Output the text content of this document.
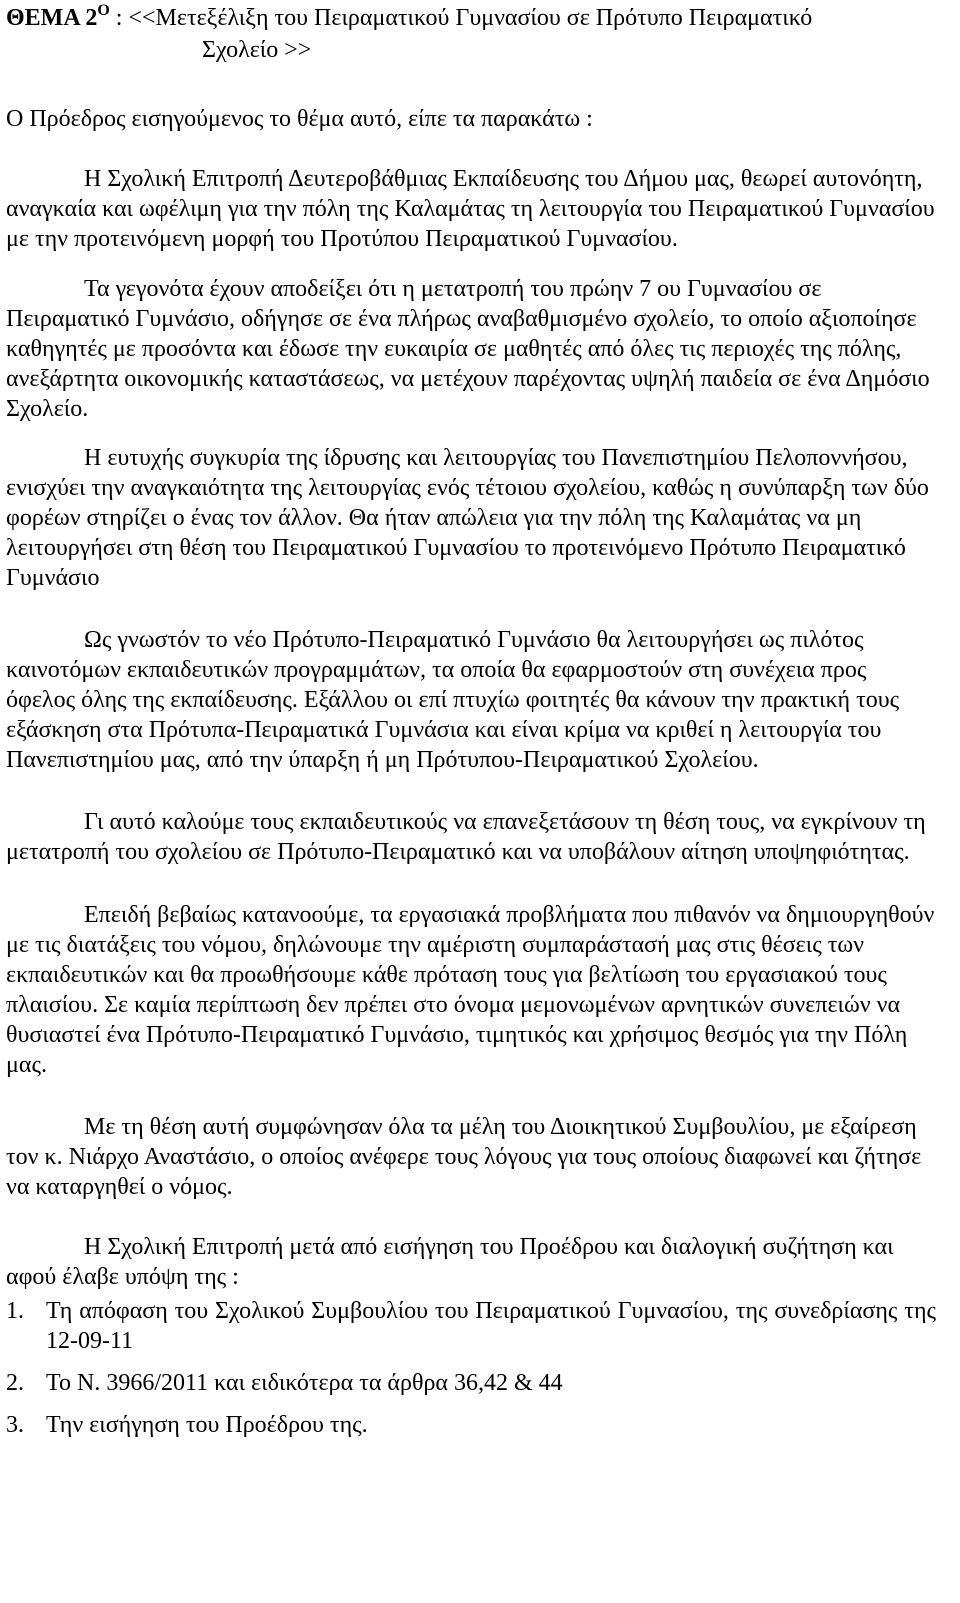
ΘΕΜΑ $2^O$ : <<Μετεξέλιξη του Πειραματικού Γυμνασίου σε Πρότυπο Πειραματικό
Σχολείο >>

Ο Πρόεδρος εισηγούμενος το θέμα αυτό, είπε τα παρακάτω :

Η Σχολική Επιτροπή Δευτεροβάθμιας Εκπαίδευσης του Δήμου μας, θεωρεί αυτονόητη, αναγκαία και ωφέλιμη για την πόλη της Καλαμάτας τη λειτουργία του Πειραματικού Γυμνασίου με την προτεινόμενη μορφή του Προτύπου Πειραματικού Γυμνασίου.

Τα γεγονότα έχουν αποδείξει ότι η μετατροπή του πρώην 7 ου Γυμνασίου σε Πειραματικό Γυμνάσιο, οδήγησε σε ένα πλήρως αναβαθμισμένο σχολείο, το οποίο αξιοποίησε καθηγητές με προσόντα και έδωσε την ευκαιρία σε μαθητές από όλες τις περιοχές της πόλης, ανεξάρτητα οικονομικής καταστάσεως, να μετέχουν παρέχοντας υψηλή παιδεία σε ένα Δημόσιο Σχολείο.

Η ευτυχής συγκυρία της ίδρυσης και λειτουργίας του Πανεπιστημίου Πελοποννήσου, ενισχύει την αναγκαιότητα της λειτουργίας ενός τέτοιου σχολείου, καθώς η συνύπαρξη των δύο φορέων στηρίζει ο ένας τον άλλον. Θα ήταν απώλεια για την πόλη της Καλαμάτας να μη λειτουργήσει στη θέση του Πειραματικού Γυμνασίου το προτεινόμενο Πρότυπο Πειραματικό Γυμνάσιο

Ως γνωστόν το νέο Πρότυπο-Πειραματικό Γυμνάσιο θα λειτουργήσει ως πιλότος καινοτόμων εκπαιδευτικών προγραμμάτων, τα οποία θα εφαρμοστούν στη συνέχεια προς όφελος όλης της εκπαίδευσης. Εξάλλου οι επί πτυχίω φοιτητές θα κάνουν την πρακτική τους εξάσκηση στα Πρότυπα-Πειραματικά Γυμνάσια και είναι κρίμα να κριθεί η λειτουργία του Πανεπιστημίου μας, από την ύπαρξη ή μη Πρότυπου-Πειραματικού Σχολείου.

Γι αυτό καλούμε τους εκπαιδευτικούς να επανεξετάσουν τη θέση τους, να εγκρίνουν τη μετατροπή του σχολείου σε Πρότυπο-Πειραματικό και να υποβάλουν αίτηση υποψηφιότητας.

Επειδή βεβαίως κατανοούμε, τα εργασιακά προβλήματα που πιθανόν να δημιουργηθούν με τις διατάξεις του νόμου, δηλώνουμε την αμέριστη συμπαράστασή μας στις θέσεις των εκπαιδευτικών και θα προωθήσουμε κάθε πρόταση τους για βελτίωση του εργασιακού τους πλαισίου. Σε καμία περίπτωση δεν πρέπει στο όνομα μεμονωμένων αρνητικών συνεπειών να θυσιαστεί ένα Πρότυπο-Πειραματικό Γυμνάσιο, τιμητικός και χρήσιμος θεσμός για την Πόλη μας.

Με τη θέση αυτή συμφώνησαν όλα τα μέλη του Διοικητικού Συμβουλίου, με εξαίρεση τον κ. Νιάρχο Αναστάσιο, ο οποίος ανέφερε τους λόγους για τους οποίους διαφωνεί και ζήτησε να καταργηθεί ο νόμος.

Η Σχολική Επιτροπή μετά από εισήγηση του Προέδρου και διαλογική συζήτηση και αφού έλαβε υπόψη της :

1. Τη απόφαση του Σχολικού Συμβουλίου του Πειραματικού Γυμνασίου, της συνεδρίασης της 12-09-11
2. Το Ν. 3966/2011 και ειδικότερα τα άρθρα 36,42 & 44
3. Την εισήγηση του Προέδρου της.
